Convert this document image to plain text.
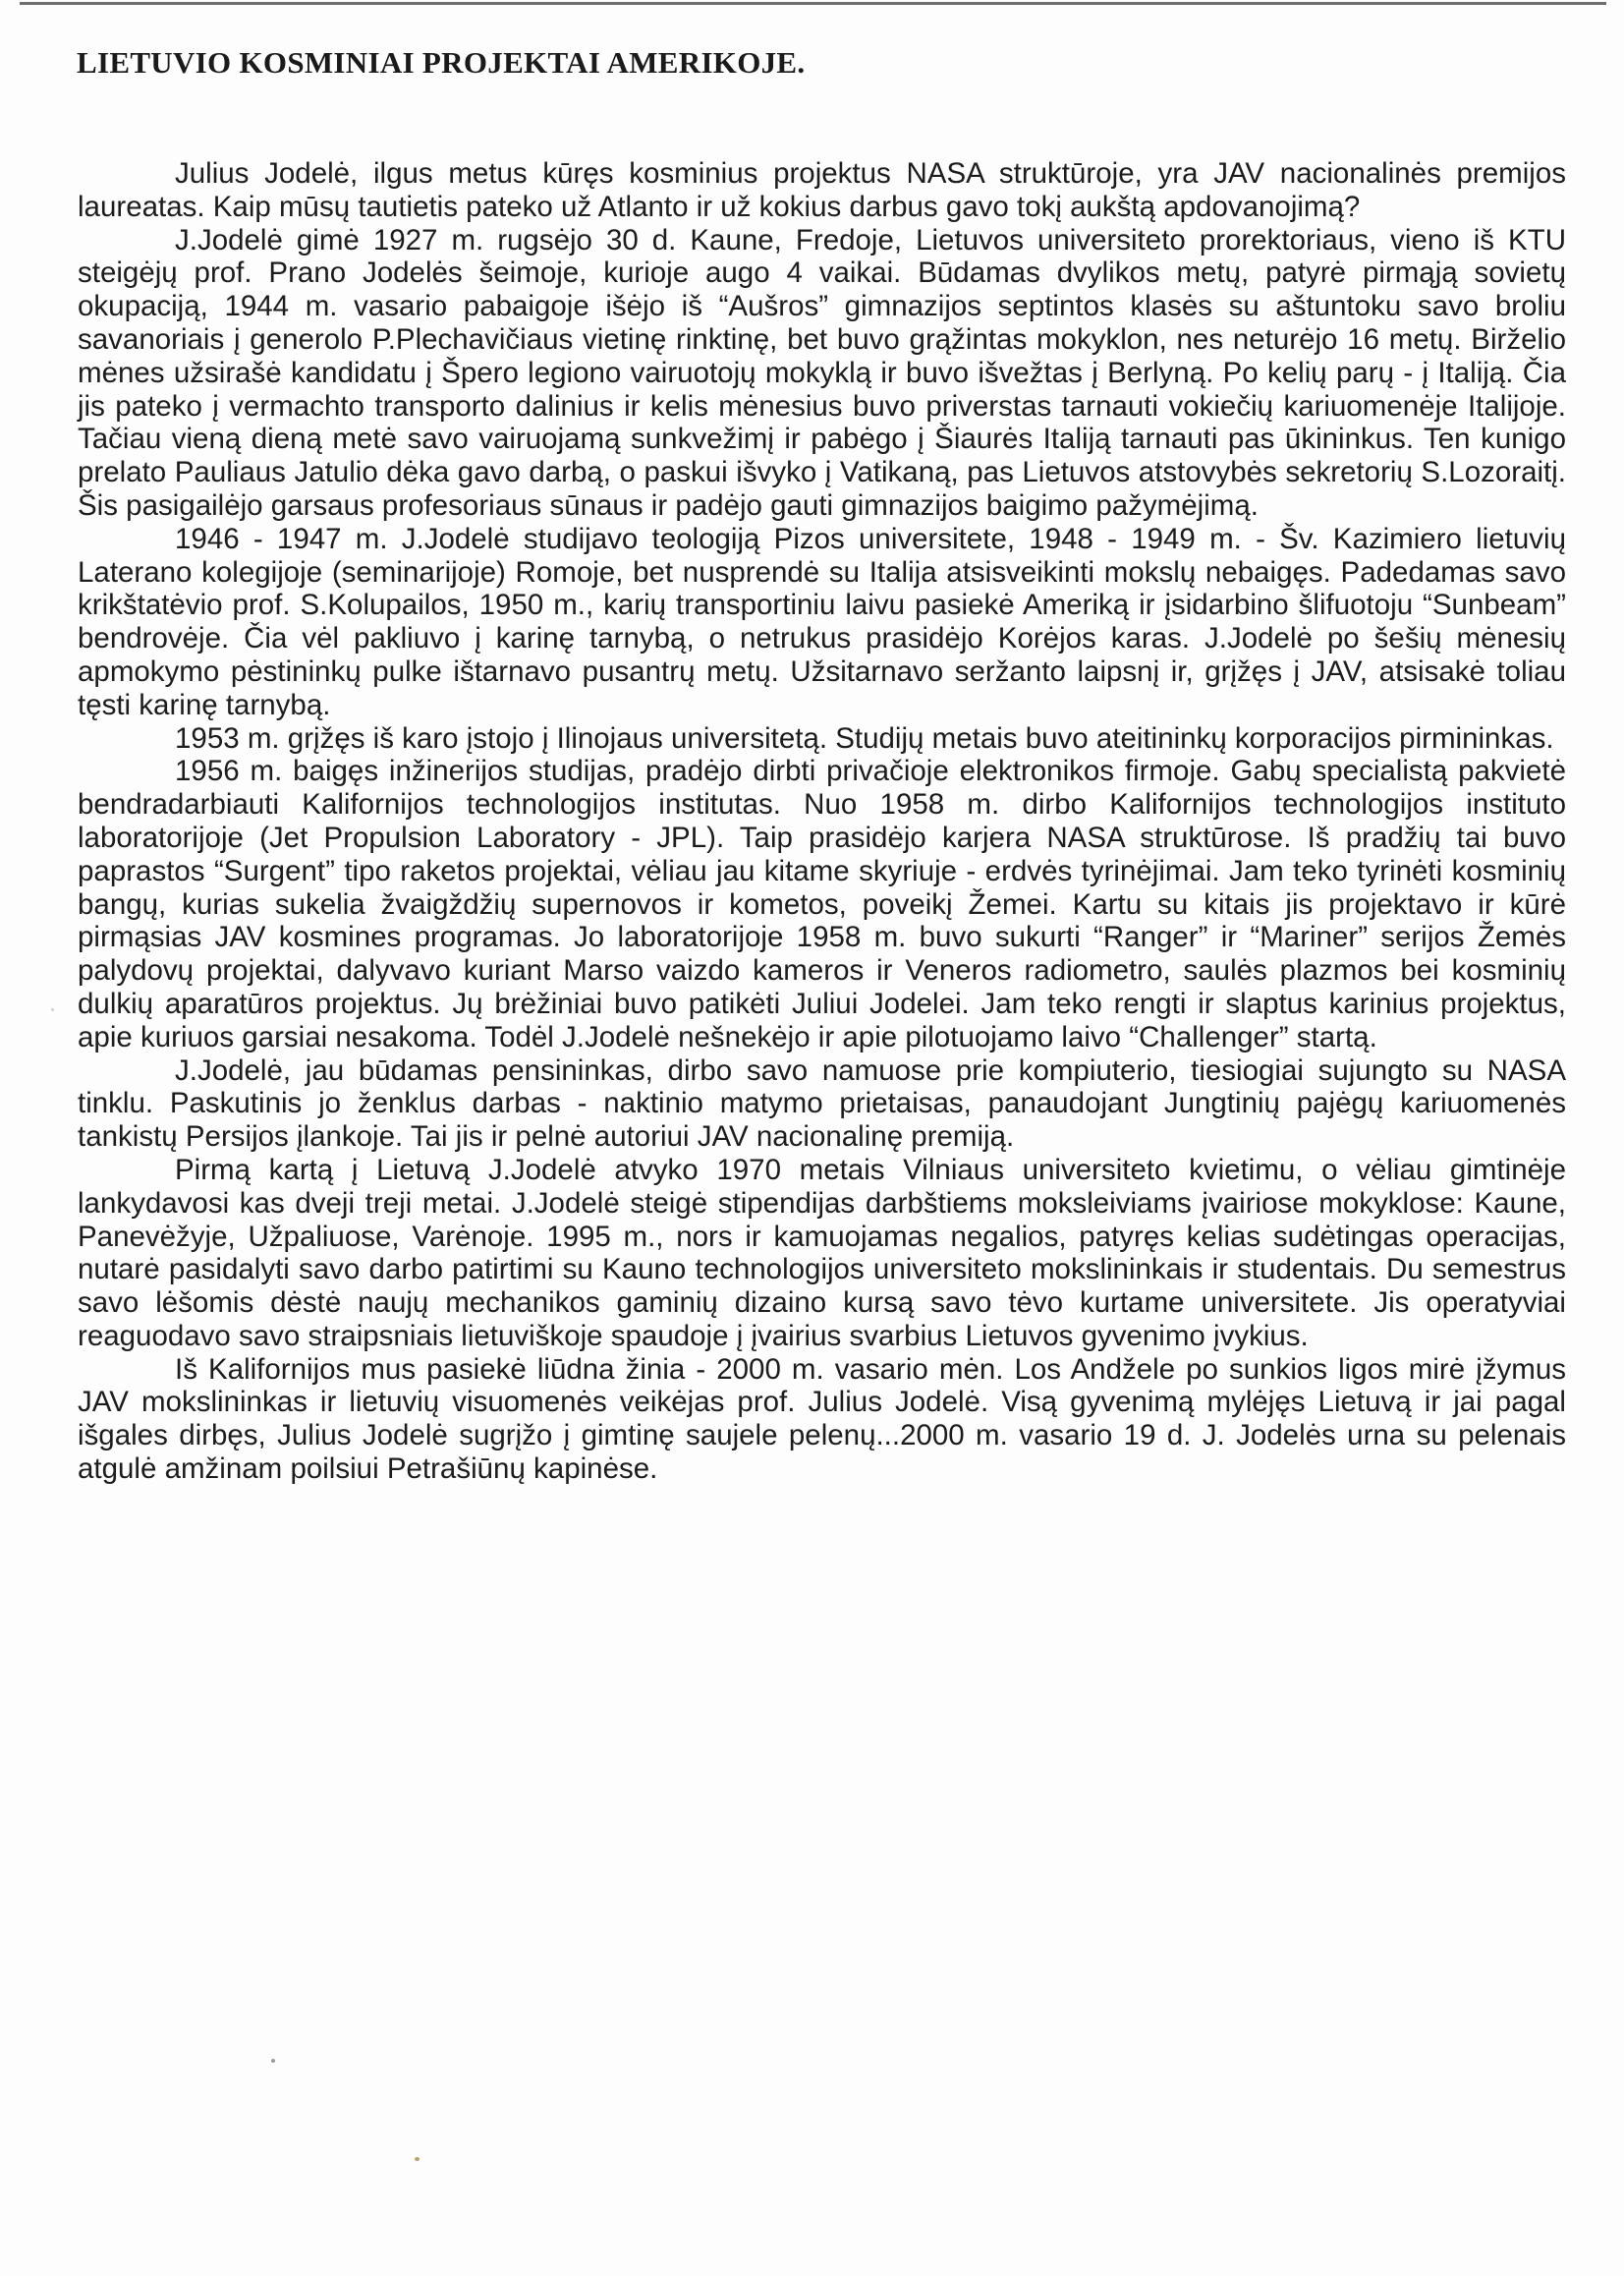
LIETUVIO KOSMINIAI PROJEKTAI AMERIKOJE.

Julius Jodelė, ilgus metus kūręs kosminius projektus NASA struktūroje, yra JAV nacionalinės premijos laureatas. Kaip mūsų tautietis pateko už Atlanto ir už kokius darbus gavo tokį aukštą apdovanojimą?

J.Jodelė gimė 1927 m. rugsėjo 30 d. Kaune, Fredoje, Lietuvos universiteto prorektoriaus, vieno iš KTU steigėjų prof. Prano Jodelės šeimoje, kurioje augo 4 vaikai. Būdamas dvylikos metų, patyrė pirmąją sovietų okupaciją, 1944 m. vasario pabaigoje išėjo iš “Aušros” gimnazijos septintos klasės su aštuntoku savo broliu savanoriais į generolo P.Plechavičiaus vietinę rinktinę, bet buvo grąžintas mokyklon, nes neturėjo 16 metų. Birželio mėnes užsirašė kandidatu į Špero legiono vairuotojų mokyklą ir buvo išvežtas į Berlyną. Po kelių parų - į Italiją. Čia jis pateko į vermachto transporto dalinius ir kelis mėnesius buvo priverstas tarnauti vokiečių kariuomenėje Italijoje. Tačiau vieną dieną metė savo vairuojamą sunkvežimį ir pabėgo į Šiaurės Italiją tarnauti pas ūkininkus. Ten kunigo prelato Pauliaus Jatulio dėka gavo darbą, o paskui išvyko į Vatikaną, pas Lietuvos atstovybės sekretorių S.Lozoraitį. Šis pasigailėjo garsaus profesoriaus sūnaus ir padėjo gauti gimnazijos baigimo pažymėjimą.

1946 - 1947 m. J.Jodelė studijavo teologiją Pizos universitete, 1948 - 1949 m. - Šv. Kazimiero lietuvių Laterano kolegijoje (seminarijoje) Romoje, bet nusprendė su Italija atsisveikinti mokslų nebaigęs. Padedamas savo krikštatėvio prof. S.Kolupailos, 1950 m., karių transportiniu laivu pasiekė Ameriką ir įsidarbino šlifuotoju “Sunbeam” bendrovėje. Čia vėl pakliuvo į karinę tarnybą, o netrukus prasidėjo Korėjos karas. J.Jodelė po šešių mėnesių apmokymo pėstininkų pulke ištarnavo pusantrų metų. Užsitarnavo seržanto laipsnį ir, grįžęs į JAV, atsisakė toliau tęsti karinę tarnybą.

1953 m. grįžęs iš karo įstojo į Ilinojaus universitetą. Studijų metais buvo ateitininkų korporacijos pirmininkas.

1956 m. baigęs inžinerijos studijas, pradėjo dirbti privačioje elektronikos firmoje. Gabų specialistą pakvietė bendradarbiauti Kalifornijos technologijos institutas. Nuo 1958 m. dirbo Kalifornijos technologijos instituto laboratorijoje (Jet Propulsion Laboratory - JPL). Taip prasidėjo karjera NASA struktūrose. Iš pradžių tai buvo paprastos “Surgent” tipo raketos projektai, vėliau jau kitame skyriuje - erdvės tyrinėjimai. Jam teko tyrinėti kosminių bangų, kurias sukelia žvaigždžių supernovos ir kometos, poveikį Žemei. Kartu su kitais jis projektavo ir kūrė pirmąsias JAV kosmines programas. Jo laboratorijoje 1958 m. buvo sukurti “Ranger” ir “Mariner” serijos Žemės palydovų projektai, dalyvavo kuriant Marso vaizdo kameros ir Veneros radiometro, saulės plazmos bei kosminių dulkių aparatūros projektus. Jų brėžiniai buvo patikėti Juliui Jodelei. Jam teko rengti ir slaptus karinius projektus, apie kuriuos garsiai nesakoma. Todėl J.Jodelė nešnekėjo ir apie pilotuojamo laivo “Challenger” startą.

J.Jodelė, jau būdamas pensininkas, dirbo savo namuose prie kompiuterio, tiesiogiai sujungto su NASA tinklu. Paskutinis jo ženklus darbas - naktinio matymo prietaisas, panaudojant Jungtinių pajėgų kariuomenės tankistų Persijos įlankoje. Tai jis ir pelnė autoriui JAV nacionalinę premiją.

Pirmą kartą į Lietuvą J.Jodelė atvyko 1970 metais Vilniaus universiteto kvietimu, o vėliau gimtinėje lankydavosi kas dveji treji metai. J.Jodelė steigė stipendijas darbštiems moksleiviams įvairiose mokyklose: Kaune, Panevėžyje, Užpaliuose, Varėnoje. 1995 m., nors ir kamuojamas negalios, patyręs kelias sudėtingas operacijas, nutarė pasidalyti savo darbo patirtimi su Kauno technologijos universiteto mokslininkais ir studentais. Du semestrus savo lėšomis dėstė naujų mechanikos gaminių dizaino kursą savo tėvo kurtame universitete. Jis operatyviai reaguodavo savo straipsniais lietuviškoje spaudoje į įvairius svarbius Lietuvos gyvenimo įvykius.

Iš Kalifornijos mus pasiekė liūdna žinia - 2000 m. vasario mėn. Los Andžele po sunkios ligos mirė įžymus JAV mokslininkas ir lietuvių visuomenės veikėjas prof. Julius Jodelė. Visą gyvenimą mylėjęs Lietuvą ir jai pagal išgales dirbęs, Julius Jodelė sugrįžo į gimtinę saujele pelenų...2000 m. vasario 19 d. J. Jodelės urna su pelenais atgulė amžinam poilsiui Petrašiūnų kapinėse.
